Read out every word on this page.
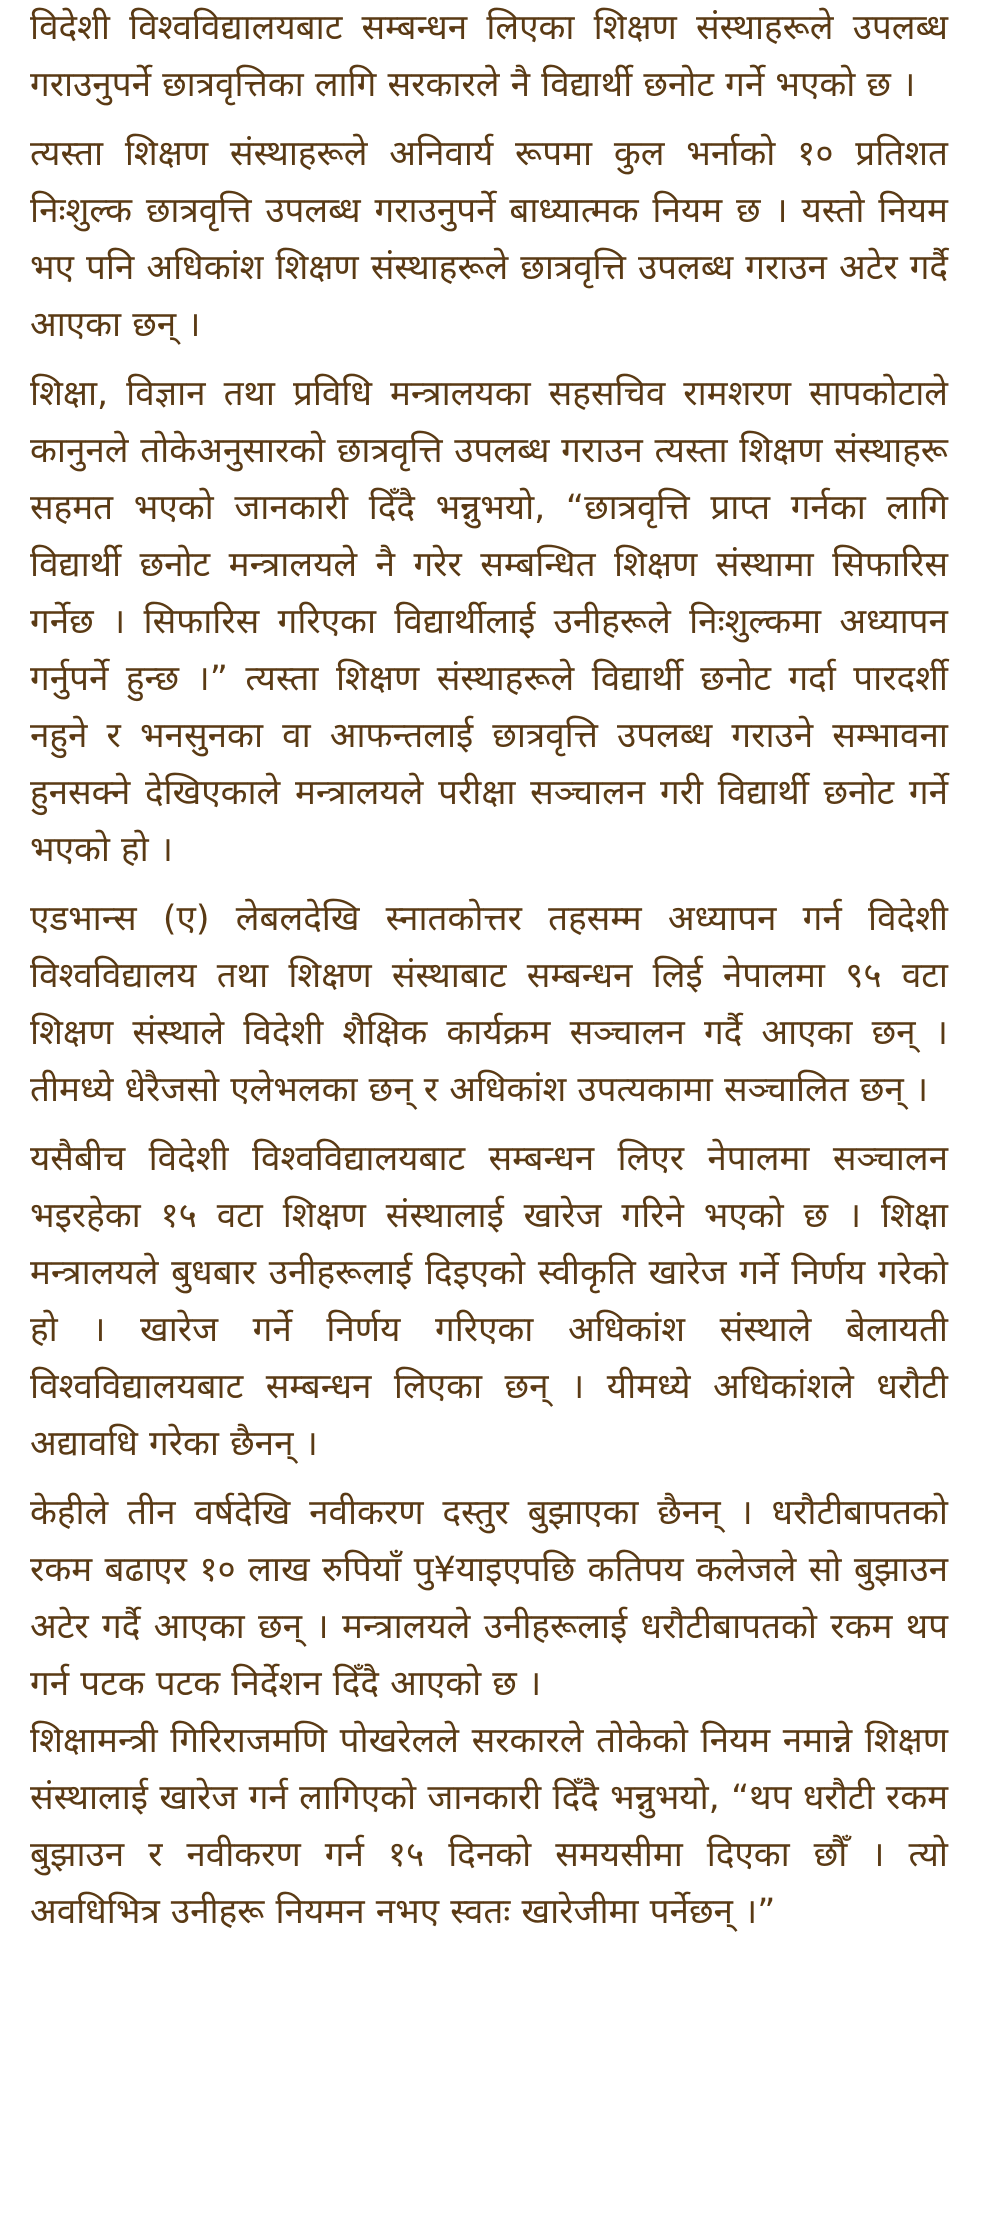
विदेशी विश्वविद्यालयबाट सम्बन्धन लिएका शिक्षण संस्थाहरूले उपलब्ध गराउनुपर्ने छात्रवृत्तिका लागि सरकारले नै विद्यार्थी छनोट गर्ने भएको छ ।

त्यस्ता शिक्षण संस्थाहरूले अनिवार्य रूपमा कुल भर्नाको १० प्रतिशत निःशुल्क छात्रवृत्ति उपलब्ध गराउनुपर्ने बाध्यात्मक नियम छ । यस्तो नियम भए पनि अधिकांश शिक्षण संस्थाहरूले छात्रवृत्ति उपलब्ध गराउन अटेर गर्दै आएका छन् ।

शिक्षा, विज्ञान तथा प्रविधि मन्त्रालयका सहसचिव रामशरण सापकोटाले कानुनले तोकेअनुसारको छात्रवृत्ति उपलब्ध गराउन त्यस्ता शिक्षण संस्थाहरू सहमत भएको जानकारी दिँदै भन्नुभयो, “छात्रवृत्ति प्राप्त गर्नका लागि विद्यार्थी छनोट मन्त्रालयले नै गरेर सम्बन्धित शिक्षण संस्थामा सिफारिस गर्नेछ । सिफारिस गरिएका विद्यार्थीलाई उनीहरूले निःशुल्कमा अध्यापन गर्नुपर्ने हुन्छ ।” त्यस्ता शिक्षण संस्थाहरूले विद्यार्थी छनोट गर्दा पारदर्शी नहुने र भनसुनका वा आफन्तलाई छात्रवृत्ति उपलब्ध गराउने सम्भावना हुनसक्ने देखिएकाले मन्त्रालयले परीक्षा सञ्चालन गरी विद्यार्थी छनोट गर्ने भएको हो ।

एडभान्स (ए) लेबलदेखि स्नातकोत्तर तहसम्म अध्यापन गर्न विदेशी विश्वविद्यालय तथा शिक्षण संस्थाबाट सम्बन्धन लिई नेपालमा ९५ वटा शिक्षण संस्थाले विदेशी शैक्षिक कार्यक्रम सञ्चालन गर्दै आएका छन् । तीमध्ये धेरैजसो एलेभलका छन् र अधिकांश उपत्यकामा सञ्चालित छन् ।

यसैबीच विदेशी विश्वविद्यालयबाट सम्बन्धन लिएर नेपालमा सञ्चालन भइरहेका १५ वटा शिक्षण संस्थालाई खारेज गरिने भएको छ । शिक्षा मन्त्रालयले बुधबार उनीहरूलाई दिइएको स्वीकृति खारेज गर्ने निर्णय गरेको हो । खारेज गर्ने निर्णय गरिएका अधिकांश संस्थाले बेलायती विश्वविद्यालयबाट सम्बन्धन लिएका छन् । यीमध्ये अधिकांशले धरौटी अद्यावधि गरेका छैनन् ।

केहीले तीन वर्षदेखि नवीकरण दस्तुर बुझाएका छैनन् । धरौटीबापतको रकम बढाएर १० लाख रुपियाँ पु¥याइएपछि कतिपय कलेजले सो बुझाउन अटेर गर्दै आएका छन् । मन्त्रालयले उनीहरूलाई धरौटीबापतको रकम थप गर्न पटक पटक निर्देशन दिँदै आएको छ ।

शिक्षामन्त्री गिरिराजमणि पोखरेलले सरकारले तोकेको नियम नमान्ने शिक्षण संस्थालाई खारेज गर्न लागिएको जानकारी दिँदै भन्नुभयो, “थप धरौटी रकम बुझाउन र नवीकरण गर्न १५ दिनको समयसीमा दिएका छौँ । त्यो अवधिभित्र उनीहरू नियमन नभए स्वतः खारेजीमा पर्नेछन् ।”
